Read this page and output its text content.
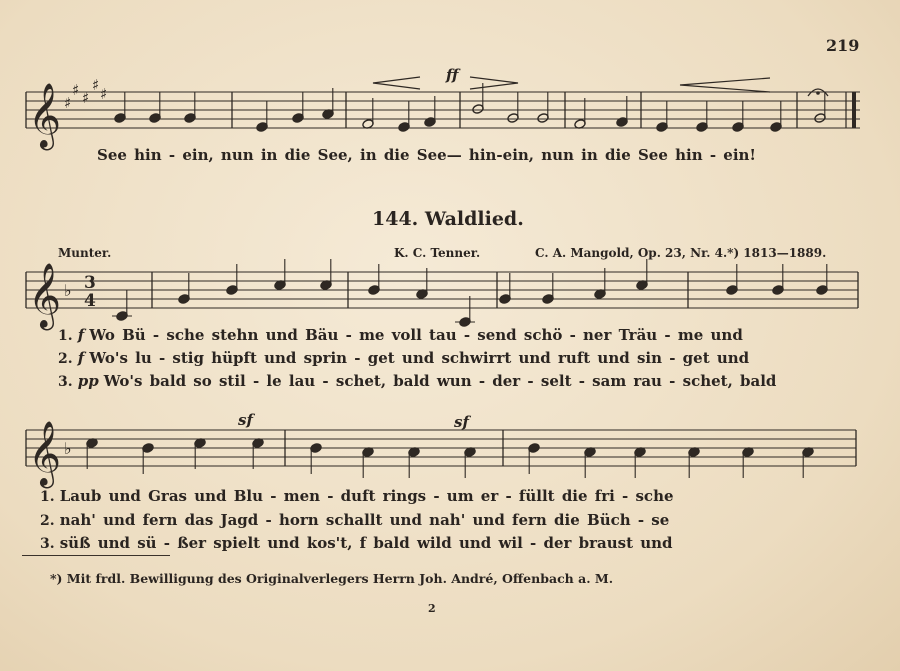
219
𝄞 ♯
♯ ♯
♯ ♯
𝄞 ♭ 3
4
𝄞 ♭
ff
See hin - ein, nun in die See, in die See— hin-ein, nun in die See hin - ein!
144. Waldlied.
Munter.	K. C. Tenner.	C. A. Mangold, Op. 23, Nr. 4.*) 1813—1889.
1. f Wo Bü - sche stehn und Bäu - me voll tau - send schö - ner Träu - me und
2. f Wo's lu - stig hüpft und sprin - get und schwirrt und ruft und sin - get und
3. pp Wo's bald so stil - le lau - schet, bald wun - der - selt - sam rau - schet, bald
sf	sf
1. Laub und Gras und Blu - men - duft rings - um er - füllt die fri - sche
2. nah' und fern das Jagd - horn schallt und nah' und fern die Büch - se
3. süß und sü - ßer spielt und kos't, f bald wild und wil - der braust und
*) Mit frdl. Bewilligung des Originalverlegers Herrn Joh. André, Offenbach a. M.
2
